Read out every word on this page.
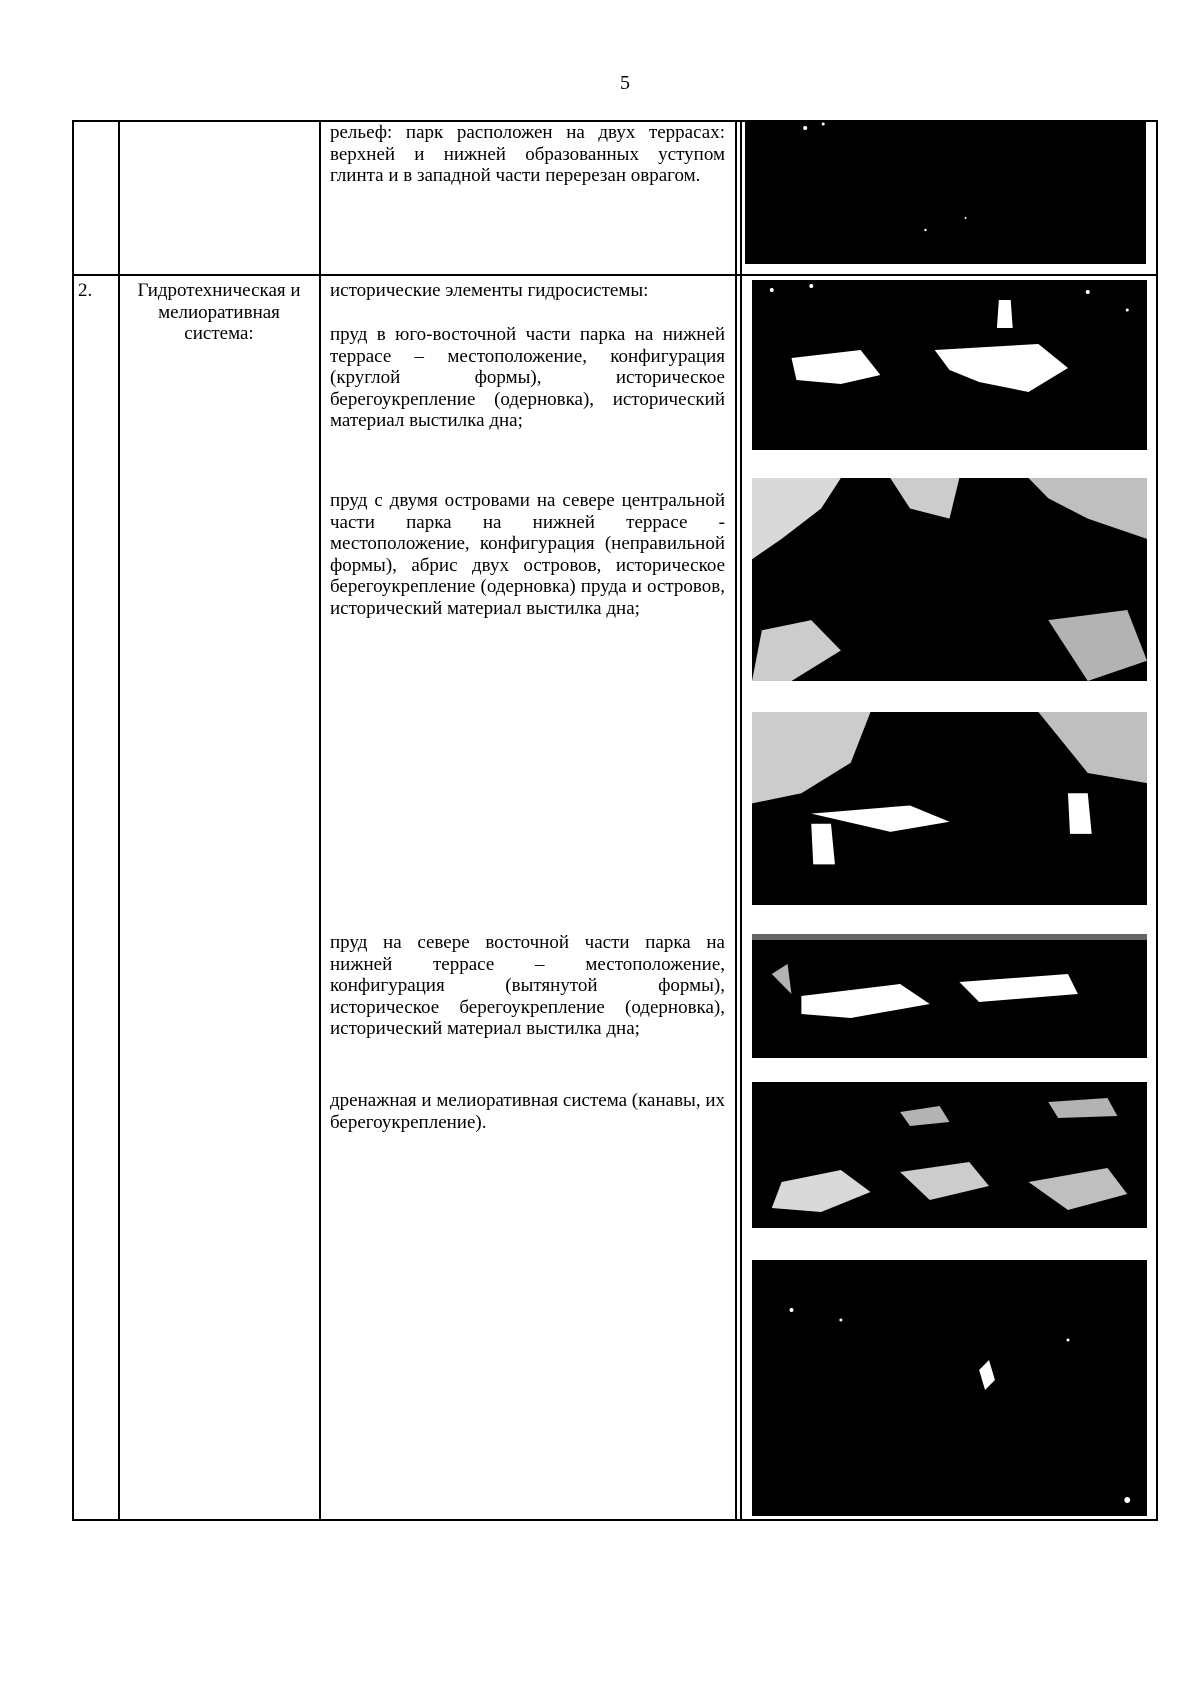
5
рельеф: парк расположен на двух террасах: верхней и нижней образованных уступом глинта и в западной части перерезан оврагом.
2.	Гидротехническая и мелиоративная система:
исторические элементы гидросистемы:
пруд в юго-восточной части парка на нижней террасе – местоположение, конфигурация (круглой формы), историческое берегоукрепление (одерновка), исторический материал выстилка дна;
пруд с двумя островами на севере центральной части парка на нижней террасе - местоположение, конфигурация (неправильной формы), абрис двух островов, историческое берегоукрепление (одерновка) пруда и островов, исторический материал выстилка дна;
пруд на севере восточной части парка на нижней террасе – местоположение, конфигурация (вытянутой формы), историческое берегоукрепление (одерновка), исторический материал выстилка дна;
дренажная и мелиоративная система (канавы, их берегоукрепление).
